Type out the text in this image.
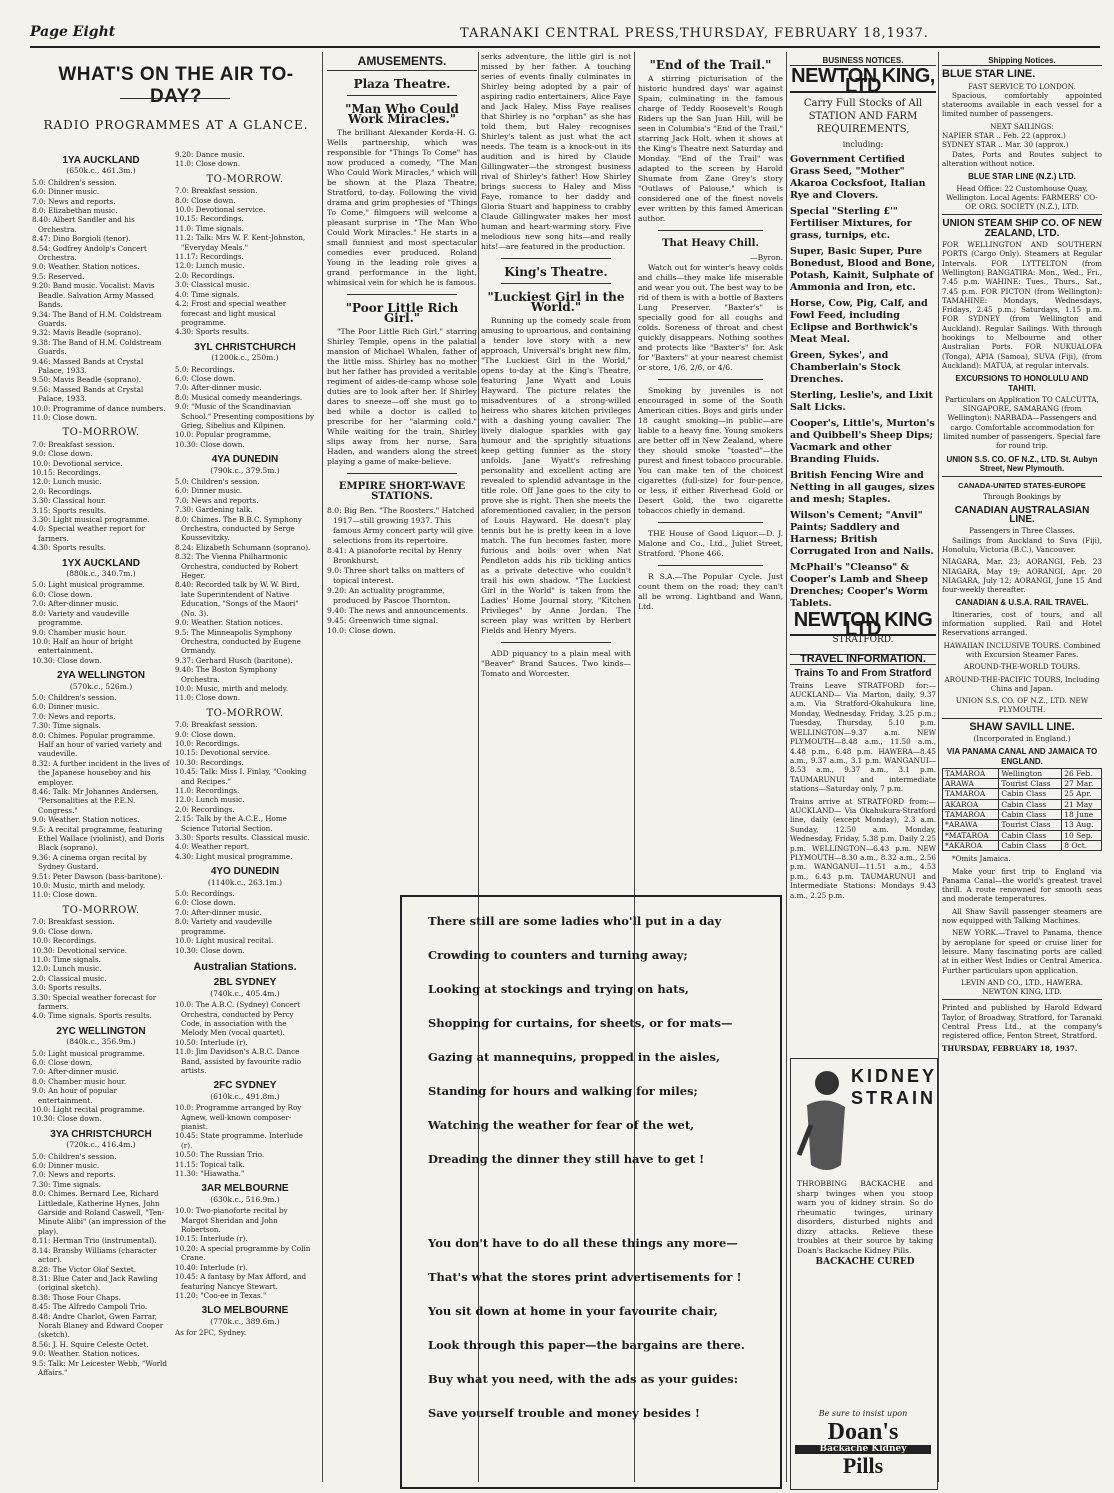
Page Eight	TARANAKI CENTRAL PRESS,THURSDAY, FEBRUARY 18,1937.
WHAT'S ON THE AIR TO-DAY?
RADIO PROGRAMMES AT A GLANCE.
1YA AUCKLAND
(650k.c., 461.3m.)
5.0: Children's session.
6.0: Dinner music.
7.0: News and reports.
8.0: Elizabethan music.
8.40: Albert Sandler and his Orchestra.
8.47: Dino Borgioli (tenor).
8.54: Godfrey Andolp's Concert Orchestra.
9.0: Weather. Station notices.
9.5: Reserved.
9.20: Band music. Vocalist: Mavis Beadle. Salvation Army Massed Bands.
9.34: The Band of H.M. Coldstream Guards.
9.32: Mavis Beadle (soprano).
9.38: The Band of H.M. Coldstream Guards.
9.46: Massed Bands at Crystal Palace, 1933.
9.50: Mavis Beadle (soprano).
9.56: Massed Bands at Crystal Palace, 1933.
10.0: Programme of dance numbers.
11.0: Close down.
TO-MORROW.
7.0: Breakfast session.
9.0: Close down.
10.0: Devotional service.
10.15: Recordings.
12.0: Lunch music.
2.0: Recordings.
3.30: Classical hour.
3.15: Sports results.
3.30: Light musical programme.
4.0: Special weather report for farmers.
4.30: Sports results.
1YX AUCKLAND
(880k.c., 340.7m.)
5.0: Light musical programme.
6.0: Close down.
7.0: After-dinner music.
8.0: Variety and vaudeville programme.
9.0: Chamber music hour.
10.0: Half an hour of bright entertainment.
10.30: Close down.
2YA WELLINGTON
(570k.c., 526m.)
5.0: Children's session.
6.0: Dinner music.
7.0: News and reports.
7.30: Time signals.
8.0: Chimes. Popular programme. Half an hour of varied variety and vaudeville.
8.32: A further incident in the lives of the Japanese houseboy and his employer.
8.46: Talk: Mr Johannes Andersen, "Personalities at the P.E.N. Congress."
9.0: Weather. Station notices.
9.5: A recital programme, featuring Ethel Wallace (violinist), and Doris Black (soprano).
9.36: A cinema organ recital by Sydney Gustard.
9.51: Peter Dawson (bass-baritone).
10.0: Music, mirth and melody.
11.0: Close down.
TO-MORROW.
7.0: Breakfast session.
9.0: Close down.
10.0: Recordings.
10.30: Devotional service.
11.0: Time signals.
12.0: Lunch music.
2.0: Classical music.
3.0: Sports results.
3.30: Special weather forecast for farmers.
4.0: Time signals. Sports results.
2YC WELLINGTON
(840k.c., 356.9m.)
5.0: Light musical programme.
6.0: Close down.
7.0: After-dinner music.
8.0: Chamber music hour.
9.0: An hour of popular entertainment.
10.0: Light recital programme.
10.30: Close down.
3YA CHRISTCHURCH
(720k.c., 416.4m.)
5.0: Children's session.
6.0: Dinner music.
7.0: News and reports.
7.30: Time signals.
8.0: Chimes. Bernard Lee, Richard Littledale, Katherine Hynes, John Garside and Roland Caswell, "Ten-Minute Alibi" (an impression of the play).
8.11: Herman Trio (instrumental).
8.14: Bransby Williams (character actor).
8.28: The Victor Olof Sextet.
8.31: Blue Cater and Jack Rawling (original sketch).
8.38: Those Four Chaps.
8.45: The Alfredo Campoli Trio.
8.48: Andre Charlot, Gwen Farrar, Norah Blaney and Edward Cooper (sketch).
8.56: J. H. Squire Celeste Octet.
9.0: Weather. Station notices.
9.5: Talk: Mr Leicester Webb, "World Affairs."
9.20: Dance music.
11.0: Close down.
TO-MORROW.
7.0: Breakfast session.
8.0: Close down.
10.0: Devotional service.
10.15: Recordings.
11.0: Time signals.
11.2: Talk: Mrs W. F. Kent-Johnston, "Everyday Meals."
11.17: Recordings.
12.0: Lunch music.
2.0: Recordings.
3.0: Classical music.
4.0: Time signals.
4.2: Frost and special weather forecast and light musical programme.
4.30: Sports results.
3YL CHRISTCHURCH
(1200k.c., 250m.)
5.0: Recordings.
6.0: Close down.
7.0: After-dinner music.
8.0: Musical comedy meanderings.
9.0: "Music of the Scandinavian School." Presenting compositions by Grieg, Sibelius and Kilpinen.
10.0: Popular programme.
10.30: Close down.
4YA DUNEDIN
(790k.c., 379.5m.)
5.0: Children's session.
6.0: Dinner music.
7.0: News and reports.
7.30: Gardening talk.
8.0: Chimes. The B.B.C. Symphony Orchestra, conducted by Serge Koussevitzky.
8.24: Elizabeth Schumann (soprano).
8.32: The Vienna Philharmonic Orchestra, conducted by Robert Heger.
8.40: Recorded talk by W. W. Bird, late Superintendent of Native Education, "Songs of the Maori" (No. 3).
9.0: Weather. Station notices.
9.5: The Minneapolis Symphony Orchestra, conducted by Eugene Ormandy.
9.37: Gerhard Husch (baritone).
9.40: The Boston Symphony Orchestra.
10.0: Music, mirth and melody.
11.0: Close down.
TO-MORROW.
7.0: Breakfast session.
9.0: Close down.
10.0: Recordings.
10.15: Devotional service.
10.30: Recordings.
10.45: Talk: Miss I. Finlay, "Cooking and Recipes."
11.0: Recordings.
12.0: Lunch music.
2.0: Recordings.
2.15: Talk by the A.C.E., Home Science Tutorial Section.
3.30: Sports results. Classical music.
4.0: Weather report.
4.30: Light musical programme.
4YO DUNEDIN
(1140k.c., 263.1m.)
5.0: Recordings.
6.0: Close down.
7.0: After-dinner music.
8.0: Variety and vaudeville programme.
10.0: Light musical recital.
10.30: Close down.
Australian Stations.
2BL SYDNEY
(740k.c., 405.4m.)
10.0: The A.B.C. (Sydney) Concert Orchestra, conducted by Percy Code, in association with the Melody Men (vocal quartet).
10.50: Interlude (r).
11.0: Jim Davidson's A.B.C. Dance Band, assisted by favourite radio artists.
2FC SYDNEY
(610k.c., 491.8m.)
10.0: Programme arranged by Roy Agnew, well-known composer-pianist.
10.45: State programme. Interlude (r).
10.50: The Russian Trio.
11.15: Topical talk.
11.30: "Hiawatha."
3AR MELBOURNE
(630k.c., 516.9m.)
10.0: Two-pianoforte recital by Margot Sheridan and John Robertson.
10.15: Interlude (r).
10.20: A special programme by Colin Crane.
10.40: Interlude (r).
10.45: A fantasy by Max Afford, and featuring Nancye Stewart.
11.20: "Coo-ee in Texas."
3LO MELBOURNE
(770k.c., 389.6m.)
As for 2FC, Sydney.
AMUSEMENTS.
Plaza Theatre.
"Man Who Could Work Miracles."

The brilliant Alexander Korda-H. G. Wells partnership, which was responsible for "Things To Come" has now produced a comedy, "The Man Who Could Work Miracles," which will be shown at the Plaza Theatre, Stratford, to-day. Following the vivid drama and grim prophesies of "Things To Come," filmgoers will welcome a pleasant surprise in "The Man Who Could Work Miracles." He starts in a small funniest and most spectacular comedies ever produced. Roland Young in the leading role gives a grand performance in the light, whimsical vein for which he is famous.

"Poor Little Rich Girl."

"The Poor Little Rich Girl," starring Shirley Temple, opens in the palatial mansion of Michael Whalen, father of the little miss. Shirley has no mother but her father has provided a veritable regiment of aides-de-camp whose sole duties are to look after her. If Shirley dares to sneeze—off she must go to bed while a doctor is called to prescribe for her "alarming cold." While waiting for the train, Shirley slips away from her nurse, Sara Haden, and wanders along the street playing a game of make-believe.

EMPIRE SHORT-WAVE STATIONS.
8.0: Big Ben. "The Roosters." Hatched 1917—still growing 1937. This famous Army concert party will give selections from its repertoire.
8.41: A pianoforte recital by Henry Bronkhurst.
9.0: Three short talks on matters of topical interest.
9.20: An actuality programme, produced by Pascoe Thornton.
9.40: The news and announcements.
9.45: Greenwich time signal.
10.0: Close down.

serks adventure, the little girl is not missed by her father. A touching series of events finally culminates in Shirley being adopted by a pair of aspiring radio entertainers, Alice Faye and Jack Haley. Miss Faye realises that Shirley is no "orphan" as she has told them, but Haley recognises Shirley's talent as just what the act needs. The team is a knock-out in its audition and is hired by Claude Gillingwater—the strongest business rival of Shirley's father! How Shirley brings success to Haley and Miss Faye, romance to her daddy and Gloria Stuart and happiness to crabby Claude Gillingwater makes her most human and heart-warming story. Five melodious new song hits—and really hits!—are featured in the production.

King's Theatre.
"Luckiest Girl in the World."

Running up the comedy scale from amusing to uproarious, and containing a tender love story with a new approach, Universal's bright new film, "The Luckiest Girl in the World," opens to-day at the King's Theatre, featuring Jane Wyatt and Louis Hayward. The picture relates the misadventures of a strong-willed heiress who shares kitchen privileges with a dashing young cavalier. The lively dialogue sparkles with gay humour and the sprightly situations keep getting funnier as the story unfolds. Jane Wyatt's refreshing personality and excellent acting are revealed to splendid advantage in the title role. Off Jane goes to the city to prove she is right. Then she meets the aforementioned cavalier, in the person of Louis Hayward. He doesn't play tennis but he is pretty keen in a love match. The fun becomes faster, more furious and boils over when Nat Pendleton adds his rib tickling antics as a private detective who couldn't trail his own shadow. "The Luckiest Girl in the World" is taken from the Ladies' Home Journal story, "Kitchen Privileges" by Anne Jordan. The screen play was written by Herbert Fields and Henry Myers.

ADD piquancy to a plain meal with "Beaver" Brand Sauces. Two kinds—Tomato and Worcester.

"End of the Trail."

A stirring picturisation of the historic hundred days' war against Spain, culminating in the famous charge of Teddy Roosevelt's Rough Riders up the San Juan Hill, will be seen in Columbia's "End of the Trail," starring Jack Holt, when it shows at the King's Theatre next Saturday and Monday. "End of the Trail" was adapted to the screen by Harold Shumate from Zane Grey's story "Outlaws of Palouse," which is considered one of the finest novels ever written by this famed American author.

That Heavy Chill.
—Byron.

Watch out for winter's heavy colds and chills—they make life miserable and wear you out. The best way to be rid of them is with a bottle of Baxters Lung Preserver. "Baxter's" is specially good for all coughs and colds. Soreness of throat and chest quickly disappears. Nothing soothes and protects like "Baxter's" for. Ask for "Baxters" at your nearest chemist or store, 1/6, 2/6, or 4/6.

Smoking by juveniles is not encouraged in some of the South American cities. Boys and girls under 18 caught smoking—in public—are liable to a heavy fine. Young smokers are better off in New Zealand, where they should smoke "toasted"—the purest and finest tobacco procurable. You can make ten of the choicest cigarettes (full-size) for four-pence, or less, if either Riverhead Gold or Desert Gold, the two cigarette tobaccos chiefly in demand.

THE House of Good Liquor.—D. J. Malone and Co., Ltd., Juliet Street, Stratford. 'Phone 466.

R S.A.—The Popular Cycle. Just count them on the road; they can't all be wrong. Lightband and Wann, Ltd.

There still are some ladies who'll put in a day
Crowding to counters and turning away;
Looking at stockings and trying on hats,
Shopping for curtains, for sheets, or for mats—
Gazing at mannequins, propped in the aisles,
Standing for hours and walking for miles;
Watching the weather for fear of the wet,
Dreading the dinner they still have to get !
You don't have to do all these things any more—
That's what the stores print advertisements for !
You sit down at home in your favourite chair,
Look through this paper—the bargains are there.
Buy what you need, with the ads as your guides:
Save yourself trouble and money besides !
BUSINESS NOTICES.
NEWTON KING, LTD
Carry Full Stocks of All STATION AND FARM REQUIREMENTS,
including:
Government Certified Grass Seed, "Mother" Akaroa Cocksfoot, Italian Rye and Clovers.
Special "Sterling £'" Fertiliser Mixtures, for grass, turnips, etc.
Super, Basic Super, Pure Bonedust, Blood and Bone, Potash, Kainit, Sulphate of Ammonia and Iron, etc.
Horse, Cow, Pig, Calf, and Fowl Feed, including Eclipse and Borthwick's Meat Meal.
Green, Sykes', and Chamberlain's Stock Drenches.
Sterling, Leslie's, and Lixit Salt Licks.
Cooper's, Little's, Murton's and Quibbell's Sheep Dips; Vacmark and other Branding Fluids.
British Fencing Wire and Netting in all gauges, sizes and mesh; Staples.
Wilson's Cement; "Anvil" Paints; Saddlery and Harness; British Corrugated Iron and Nails.
McPhail's "Cleanso" & Cooper's Lamb and Sheep Drenches; Cooper's Worm Tablets.
NEWTON KING LTD
STRATFORD.
TRAVEL INFORMATION.
Trains To and From Stratford

Trains Leave STRATFORD for:—AUCKLAND— Via Marton, daily, 9.37 a.m. Via Stratford-Okahukura line, Monday, Wednesday, Friday, 3.25 p.m.; Tuesday, Thursday, 5.10 p.m. WELLINGTON—9.37 a.m. NEW PLYMOUTH—8.48 a.m., 11.50 a.m., 4.48 p.m., 6.48 p.m. HAWERA—8.45 a.m., 9.37 a.m., 3.1 p.m. WANGANUI—8.53 a.m., 9.37 a.m., 3.1 p.m. TAUMARUNUI and intermediate stations—Saturday only, 7 p.m.

Trains arrive at STRATFORD from:—AUCKLAND— Via Okahukura-Stratford line, daily (except Monday), 2.3 a.m. Sunday, 12.50 a.m. Monday, Wednesday, Friday, 5.38 p.m. Daily 2.25 p.m. WELLINGTON—6.43 p.m. NEW PLYMOUTH—8.30 a.m., 8.32 a.m., 2.56 p.m. WANGANUI—11.51 a.m., 4.53 p.m., 6.43 p.m. TAUMARUNUI and Intermediate Stations: Mondays 9.43 a.m., 2.25 p.m.

KIDNEY STRAIN

THROBBING BACKACHE and sharp twinges when you stoop warn you of kidney strain. So do rheumatic twinges, urinary disorders, disturbed nights and dizzy attacks. Relieve these troubles at their source by taking Doan's Backache Kidney Pills.

BACKACHE CURED
Be sure to insist upon
Doan's
Backache Kidney
Pills
Shipping Notices.
BLUE STAR LINE.
FAST SERVICE TO LONDON.

Spacious, comfortably appointed staterooms available in each vessel for a limited number of passengers.

NEXT SAILINGS:
NAPIER STAR .. Feb. 22 (approx.)
SYDNEY STAR .. Mar. 30 (approx.)

Dates, Ports and Routes subject to alteration without notice.

BLUE STAR LINE (N.Z.) LTD.

Head Office: 22 Customhouse Quay, Wellington. Local Agents: FARMERS' CO-OP. ORG. SOCIETY (N.Z.), LTD.

UNION STEAM SHIP CO. OF NEW ZEALAND, LTD.

FOR WELLINGTON AND SOUTHERN PORTS (Cargo Only). Steamers at Regular Intervals. FOR LYTTELTON (from Wellington) RANGATIRA: Mon., Wed., Fri., 7.45 p.m. WAHINE: Tues., Thurs., Sat., 7.45 p.m. FOR PICTON (from Wellington): TAMAHINE: Mondays, Wednesdays, Fridays, 2.45 p.m.; Saturdays, 1.15 p.m. FOR SYDNEY (from Wellington and Auckland). Regular Sailings. With through bookings to Melbourne and other Australian Ports. FOR NUKUALOFA (Tonga), APIA (Samoa), SUVA (Fiji), (from Auckland): MATUA, at regular intervals.

EXCURSIONS TO HONOLULU AND TAHITI.

Particulars on Application TO CALCUTTA, SINGAPORE, SAMARANG (from Wellington): NARBADA—Passengers and cargo. Comfortable accommodation for limited number of passengers. Special fare for round trip.

UNION S.S. CO. OF N.Z., LTD. St. Aubyn Street, New Plymouth.
CANADA-UNITED STATES-EUROPE
Through Bookings by
CANADIAN AUSTRALASIAN LINE.
Passengers in Three Classes.

Sailings from Auckland to Suva (Fiji), Honolulu, Victoria (B.C.), Vancouver.

NIAGARA, Mar. 23; AORANGI, Feb. 23 NIAGARA, May 19; AORANGI, Apr. 20 NIAGARA, July 12; AORANGI, June 15 And four-weekly thereafter.

CANADIAN & U.S.A. RAIL TRAVEL.

Itineraries, cost of tours, and all information supplied. Rail and Hotel Reservations arranged.

HAWAIIAN INCLUSIVE TOURS. Combined with Excursion Steamer Fares.
AROUND-THE-WORLD TOURS.
AROUND-THE-PACIFIC TOURS, Including China and Japan.
UNION S.S. CO. OF N.Z., LTD. NEW PLYMOUTH.
SHAW SAVILL LINE.
(Incorporated in England.)
VIA PANAMA CANAL AND JAMAICA TO ENGLAND.
TAMAROA	Wellington	26 Feb.
ARAWA	Tourist Class	27 Mar.
TAMAROA	Cabin Class	25 Apr.
AKAROA	Cabin Class	21 May
TAMAROA	Cabin Class	18 June
*ARAWA	Tourist Class	13 Aug.
*MATAROA	Cabin Class	10 Sep.
*AKAROA	Cabin Class	8 Oct.

*Omits Jamaica.

Make your first trip to England via Panama Canal—the world's greatest travel thrill. A route renowned for smooth seas and moderate temperatures.

All Shaw Savill passenger steamers are now equipped with Talking Machines.

NEW YORK.—Travel to Panama, thence by aeroplane for speed or cruise liner for leisure. Many fascinating ports are called at in either West Indies or Central America. Further particulars upon application.

LEVIN AND CO., LTD., HAWERA. NEWTON KING, LTD.

Printed and published by Harold Edward Taylor, of Broadway, Stratford, for Taranaki Central Press Ltd., at the company's registered office, Fenton Street, Stratford.

THURSDAY, FEBRUARY 18, 1937.
